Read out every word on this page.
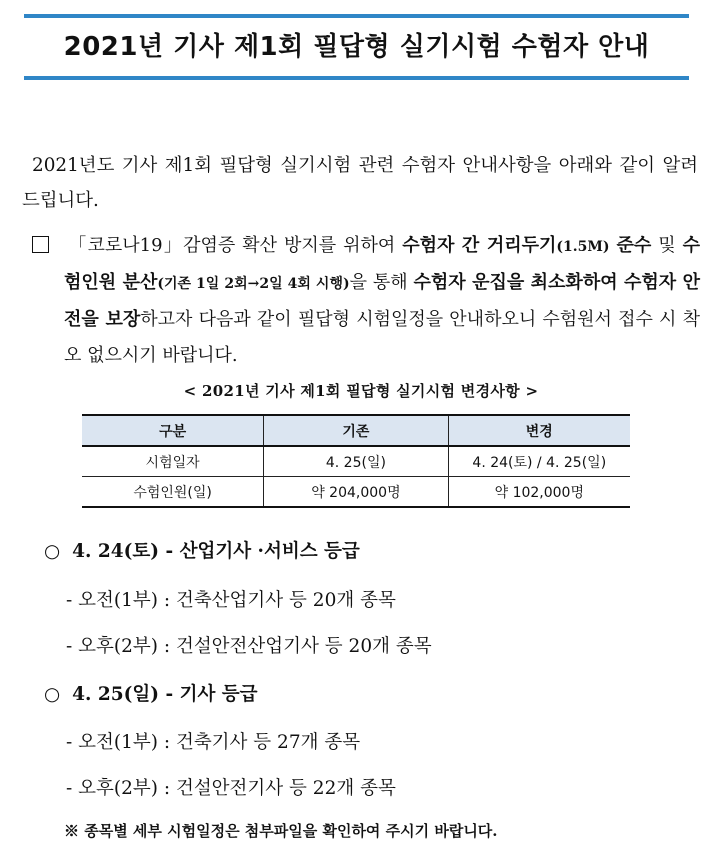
2021년 기사 제1회 필답형 실기시험 수험자 안내
2021년도 기사 제1회 필답형 실기시험 관련 수험자 안내사항을 아래와 같이 알려드립니다.
「코로나19」감염증 확산 방지를 위하여 수험자 간 거리두기(1.5M) 준수 및 수험인원 분산(기존 1일 2회→2일 4회 시행)을 통해 수험자 운집을 최소화하여 수험자 안전을 보장하고자 다음과 같이 필답형 시험일정을 안내하오니 수험원서 접수 시 착오 없으시기 바랍니다.
< 2021년 기사 제1회 필답형 실기시험 변경사항 >
구분	기존	변경
시험일자	4. 25(일)	4. 24(토) / 4. 25(일)
수험인원(일)	약 204,000명	약 102,000명
○ 4. 24(토) - 산업기사 ·서비스 등급
- 오전(1부) : 건축산업기사 등 20개 종목
- 오후(2부) : 건설안전산업기사 등 20개 종목
○ 4. 25(일) - 기사 등급
- 오전(1부) : 건축기사 등 27개 종목
- 오후(2부) : 건설안전기사 등 22개 종목
※ 종목별 세부 시험일정은 첨부파일을 확인하여 주시기 바랍니다.
